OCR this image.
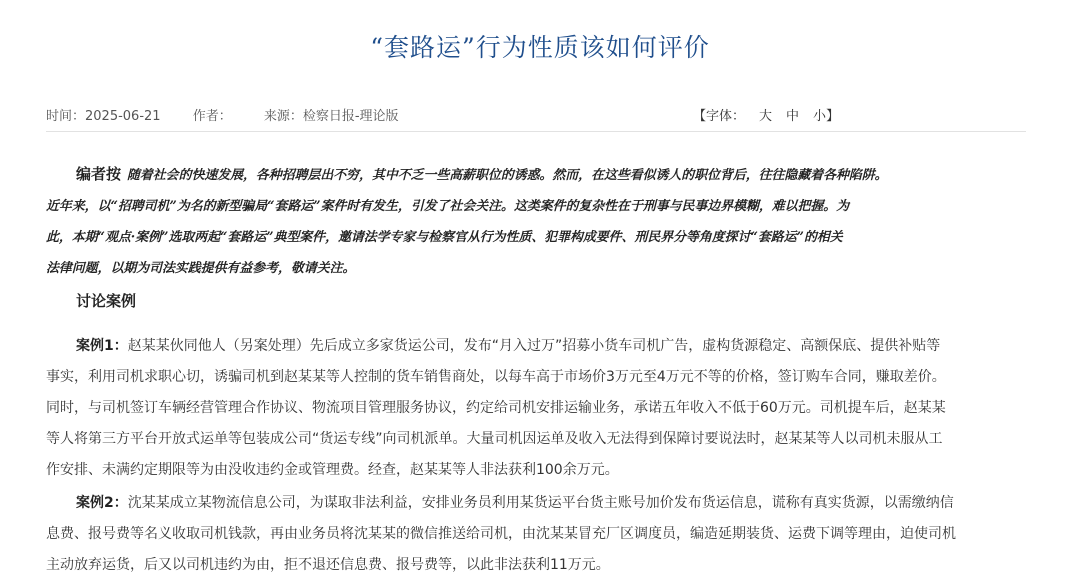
“套路运”行为性质该如何评价
时间：2025-06-21 作者： 来源：检察日报-理论版	【字体： 大 中 小】

编者按 随着社会的快速发展，各种招聘层出不穷，其中不乏一些高薪职位的诱惑。然而，在这些看似诱人的职位背后，往往隐藏着各种陷阱。
近年来，以“招聘司机”为名的新型骗局“套路运”案件时有发生，引发了社会关注。这类案件的复杂性在于刑事与民事边界模糊，难以把握。为
此，本期“观点·案例”选取两起“套路运”典型案件，邀请法学专家与检察官从行为性质、犯罪构成要件、刑民界分等角度探讨“套路运”的相关
法律问题，以期为司法实践提供有益参考，敬请关注。

讨论案例

案例1：赵某某伙同他人（另案处理）先后成立多家货运公司，发布“月入过万”招募小货车司机广告，虚构货源稳定、高额保底、提供补贴等
事实，利用司机求职心切，诱骗司机到赵某某等人控制的货车销售商处，以每车高于市场价3万元至4万元不等的价格，签订购车合同，赚取差价。
同时，与司机签订车辆经营管理合作协议、物流项目管理服务协议，约定给司机安排运输业务，承诺五年收入不低于60万元。司机提车后，赵某某
等人将第三方平台开放式运单等包装成公司“货运专线”向司机派单。大量司机因运单及收入无法得到保障讨要说法时，赵某某等人以司机未服从工
作安排、未满约定期限等为由没收违约金或管理费。经查，赵某某等人非法获利100余万元。

案例2：沈某某成立某物流信息公司，为谋取非法利益，安排业务员利用某货运平台货主账号加价发布货运信息，谎称有真实货源，以需缴纳信
息费、报号费等名义收取司机钱款，再由业务员将沈某某的微信推送给司机，由沈某某冒充厂区调度员，编造延期装货、运费下调等理由，迫使司机
主动放弃运货，后又以司机违约为由，拒不退还信息费、报号费等，以此非法获利11万元。
